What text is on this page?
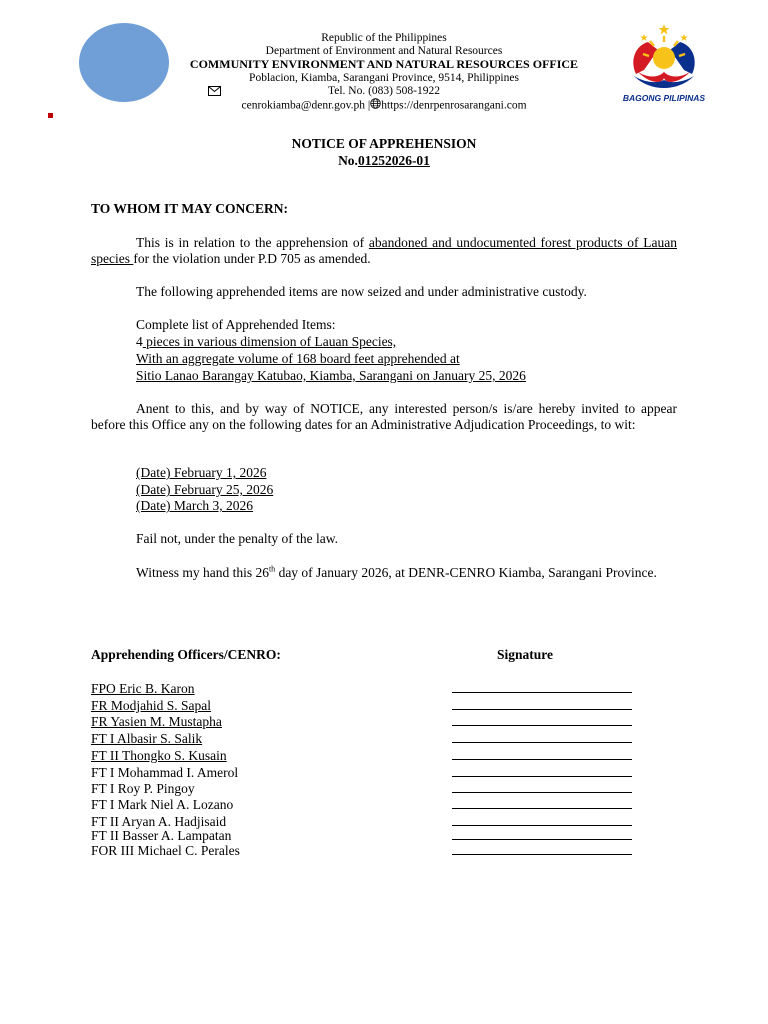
Republic of the Philippines
Department of Environment and Natural Resources
COMMUNITY ENVIRONMENT AND NATURAL RESOURCES OFFICE
Poblacion, Kiamba, Sarangani Province, 9514, Philippines
Tel. No. (083) 508-1922
cenrokiamba@denr.gov.ph | https://denrpenrosarangani.com
BAGONG PILIPINAS
NOTICE OF APPREHENSION
No.01252026-01
TO WHOM IT MAY CONCERN:
This is in relation to the apprehension of abandoned and undocumented forest products of Lauan species for the violation under P.D 705 as amended.
The following apprehended items are now seized and under administrative custody.
Complete list of Apprehended Items:
4 pieces in various dimension of Lauan Species,
With an aggregate volume of 168 board feet apprehended at
Sitio Lanao Barangay Katubao, Kiamba, Sarangani on January 25, 2026
Anent to this, and by way of NOTICE, any interested person/s is/are hereby invited to appear before this Office any on the following dates for an Administrative Adjudication Proceedings, to wit:
(Date) February 1, 2026
(Date) February 25, 2026
(Date) March 3, 2026
Fail not, under the penalty of the law.
Witness my hand this 26th day of January 2026, at DENR-CENRO Kiamba, Sarangani Province.
Apprehending Officers/CENRO:	Signature
FPO Eric B. Karon
FR Modjahid S. Sapal
FR Yasien M. Mustapha
FT I Albasir S. Salik
FT II Thongko S. Kusain
FT I Mohammad I. Amerol
FT I Roy P. Pingoy
FT I Mark Niel A. Lozano
FT II Aryan A. Hadjisaid
FT II Basser A. Lampatan
FOR III Michael C. Perales
